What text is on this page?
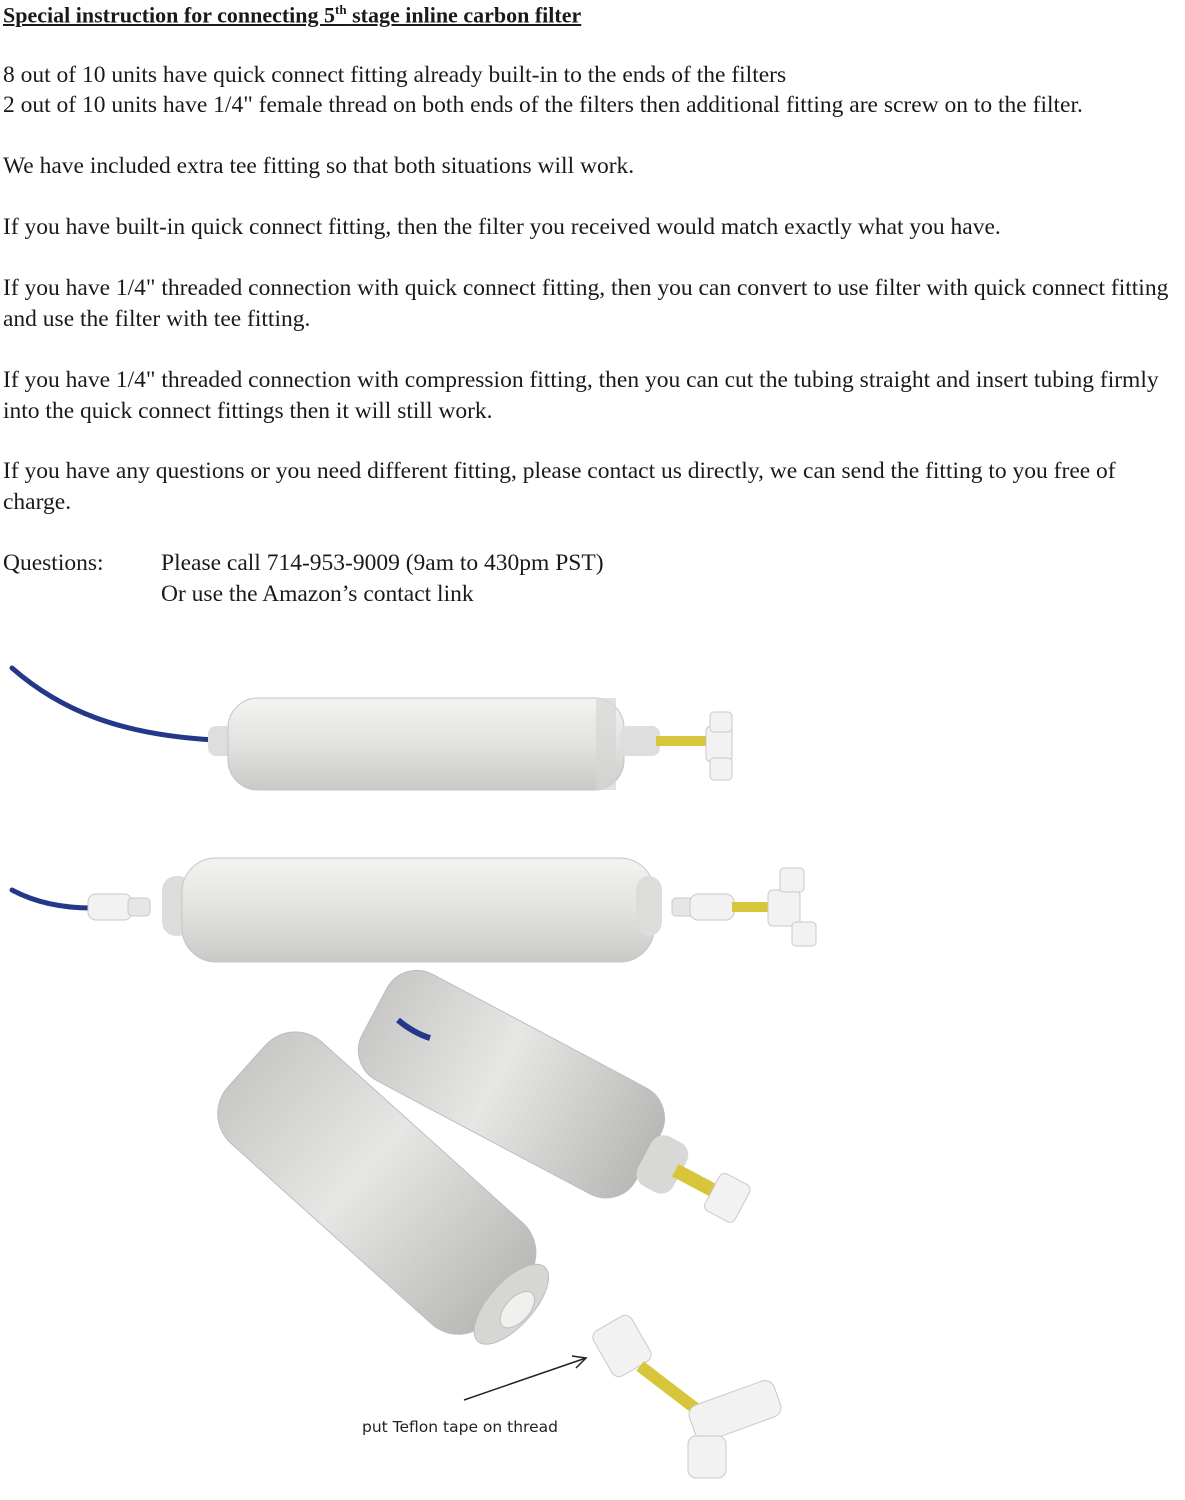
Special instruction for connecting 5th stage inline carbon filter
8 out of 10 units have quick connect fitting already built-in to the ends of the filters
2 out of 10 units have 1/4" female thread on both ends of the filters then additional fitting are screw on to the filter.
We have included extra tee fitting so that both situations will work.
If you have built-in quick connect fitting, then the filter you received would match exactly what you have.
If you have 1/4" threaded connection with quick connect fitting, then you can convert to use filter with quick connect fitting and use the filter with tee fitting.
If you have 1/4" threaded connection with compression fitting, then you can cut the tubing straight and insert tubing firmly into the quick connect fittings then it will still work.
If you have any questions or you need different fitting, please contact us directly, we can send the fitting to you free of charge.
Questions: Please call 714-953-9009 (9am to 430pm PST)
Or use the Amazon’s contact link
put Teflon tape on thread
